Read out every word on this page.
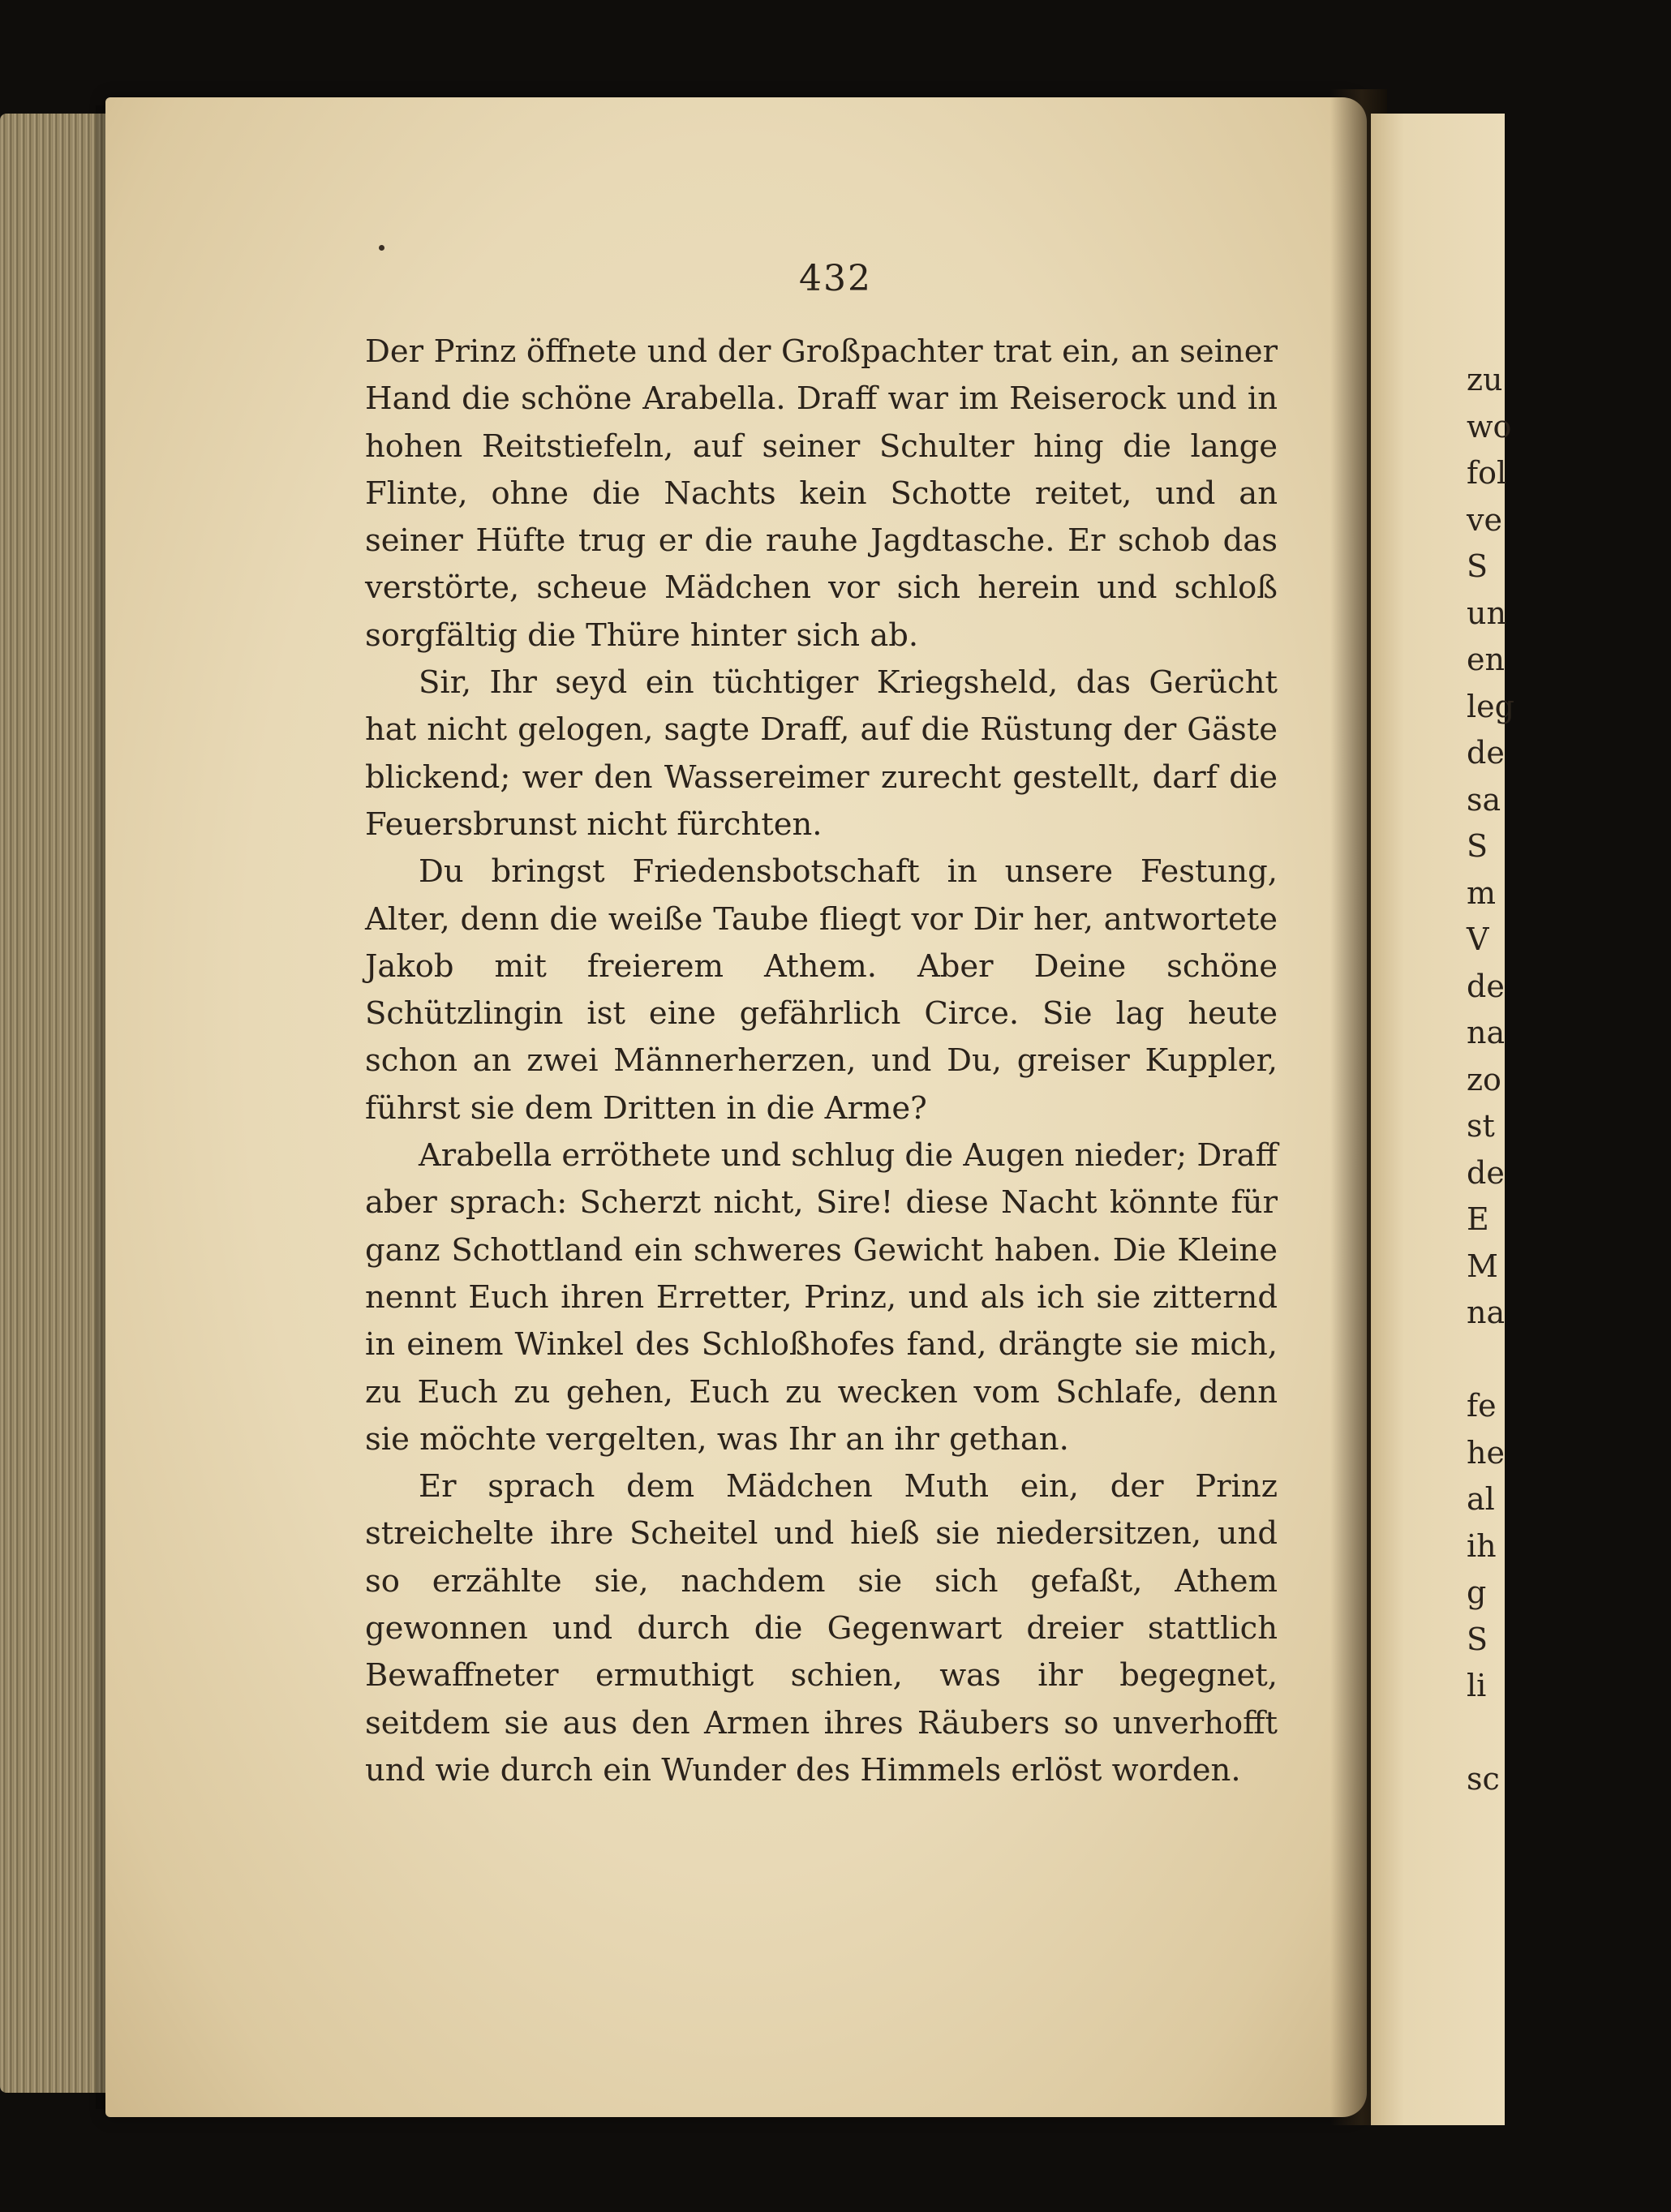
432

Der Prinz öffnete und der Großpachter trat ein, an seiner Hand die schöne Arabella. Draff war im Reiserock und in hohen Reitstiefeln, auf seiner Schulter hing die lange Flinte, ohne die Nachts kein Schotte reitet, und an seiner Hüfte trug er die rauhe Jagdtasche. Er schob das verstörte, scheue Mädchen vor sich herein und schloß sorgfältig die Thüre hinter sich ab.

Sir, Ihr seyd ein tüchtiger Kriegsheld, das Gerücht hat nicht gelogen, sagte Draff, auf die Rüstung der Gäste blickend; wer den Wassereimer zurecht gestellt, darf die Feuersbrunst nicht fürchten.

Du bringst Friedensbotschaft in unsere Festung, Alter, denn die weiße Taube fliegt vor Dir her, antwortete Jakob mit freierem Athem. Aber Deine schöne Schützlingin ist eine gefährlich Circe. Sie lag heute schon an zwei Männerherzen, und Du, greiser Kuppler, führst sie dem Dritten in die Arme?

Arabella erröthete und schlug die Augen nieder; Draff aber sprach: Scherzt nicht, Sire! diese Nacht könnte für ganz Schottland ein schweres Gewicht haben. Die Kleine nennt Euch ihren Erretter, Prinz, und als ich sie zitternd in einem Winkel des Schloßhofes fand, drängte sie mich, zu Euch zu gehen, Euch zu wecken vom Schlafe, denn sie möchte vergelten, was Ihr an ihr gethan.

Er sprach dem Mädchen Muth ein, der Prinz streichelte ihre Scheitel und hieß sie niedersitzen, und so erzählte sie, nachdem sie sich gefaßt, Athem gewonnen und durch die Gegenwart dreier stattlich Bewaffneter ermuthigt schien, was ihr begegnet, seitdem sie aus den Armen ihres Räubers so unverhofft und wie durch ein Wunder des Himmels erlöst worden.

zu
wo
fol
ve
S
un
en
leg
de
sa
S
m
V
de
na
zo
st
de
E
M
na
fe
he
al
ih
g
S
li
sc
